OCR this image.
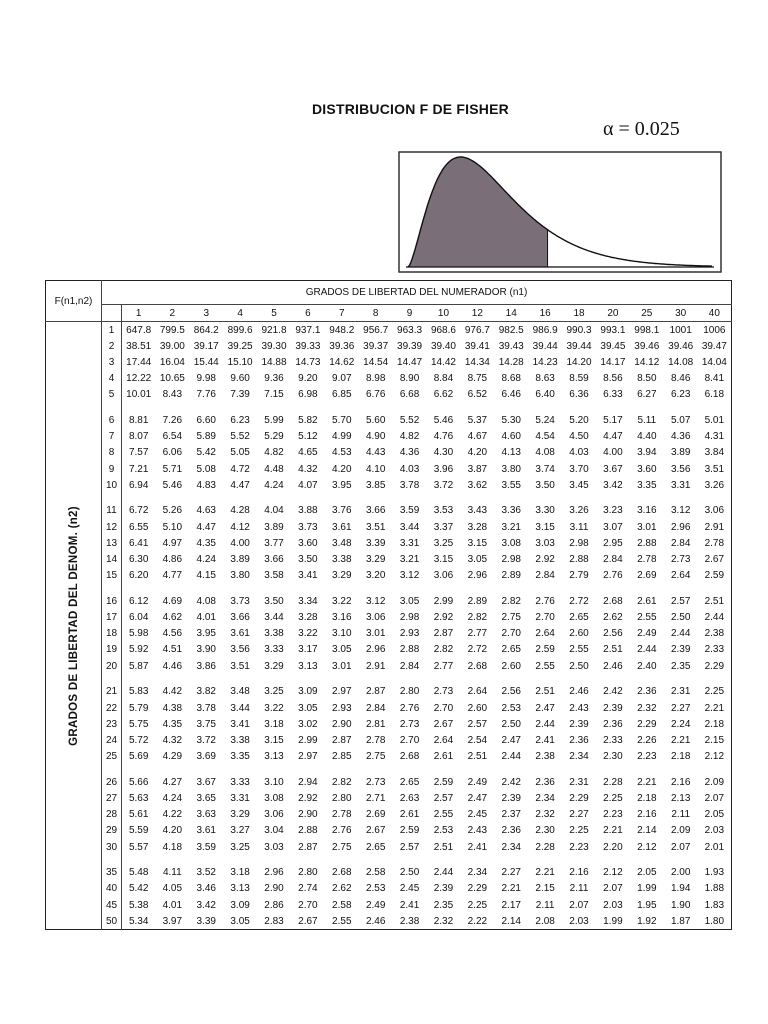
DISTRIBUCION F DE FISHER
α = 0.025
F(n1,n2)	GRADOS DE LIBERTAD DEL NUMERADOR (n1)																		
		1	2	3	4	5	6	7	8	9	10	12	14	16	18	20	25	30	40

GRADOS DE LIBERTAD DEL DENOM. (n2)	1	647.8	799.5	864.2	899.6	921.8	937.1	948.2	956.7	963.3	968.6	976.7	982.5	986.9	990.3	993.1	998.1	1001	1006
	2	38.51	39.00	39.17	39.25	39.30	39.33	39.36	39.37	39.39	39.40	39.41	39.43	39.44	39.44	39.45	39.46	39.46	39.47
	3	17.44	16.04	15.44	15.10	14.88	14.73	14.62	14.54	14.47	14.42	14.34	14.28	14.23	14.20	14.17	14.12	14.08	14.04
	4	12.22	10.65	9.98	9.60	9.36	9.20	9.07	8.98	8.90	8.84	8.75	8.68	8.63	8.59	8.56	8.50	8.46	8.41
	5	10.01	8.43	7.76	7.39	7.15	6.98	6.85	6.76	6.68	6.62	6.52	6.46	6.40	6.36	6.33	6.27	6.23	6.18

	6	8.81	7.26	6.60	6.23	5.99	5.82	5.70	5.60	5.52	5.46	5.37	5.30	5.24	5.20	5.17	5.11	5.07	5.01
	7	8.07	6.54	5.89	5.52	5.29	5.12	4.99	4.90	4.82	4.76	4.67	4.60	4.54	4.50	4.47	4.40	4.36	4.31
	8	7.57	6.06	5.42	5.05	4.82	4.65	4.53	4.43	4.36	4.30	4.20	4.13	4.08	4.03	4.00	3.94	3.89	3.84
	9	7.21	5.71	5.08	4.72	4.48	4.32	4.20	4.10	4.03	3.96	3.87	3.80	3.74	3.70	3.67	3.60	3.56	3.51
	10	6.94	5.46	4.83	4.47	4.24	4.07	3.95	3.85	3.78	3.72	3.62	3.55	3.50	3.45	3.42	3.35	3.31	3.26

	11	6.72	5.26	4.63	4.28	4.04	3.88	3.76	3.66	3.59	3.53	3.43	3.36	3.30	3.26	3.23	3.16	3.12	3.06
	12	6.55	5.10	4.47	4.12	3.89	3.73	3.61	3.51	3.44	3.37	3.28	3.21	3.15	3.11	3.07	3.01	2.96	2.91
	13	6.41	4.97	4.35	4.00	3.77	3.60	3.48	3.39	3.31	3.25	3.15	3.08	3.03	2.98	2.95	2.88	2.84	2.78
	14	6.30	4.86	4.24	3.89	3.66	3.50	3.38	3.29	3.21	3.15	3.05	2.98	2.92	2.88	2.84	2.78	2.73	2.67
	15	6.20	4.77	4.15	3.80	3.58	3.41	3.29	3.20	3.12	3.06	2.96	2.89	2.84	2.79	2.76	2.69	2.64	2.59

	16	6.12	4.69	4.08	3.73	3.50	3.34	3.22	3.12	3.05	2.99	2.89	2.82	2.76	2.72	2.68	2.61	2.57	2.51
	17	6.04	4.62	4.01	3.66	3.44	3.28	3.16	3.06	2.98	2.92	2.82	2.75	2.70	2.65	2.62	2.55	2.50	2.44
	18	5.98	4.56	3.95	3.61	3.38	3.22	3.10	3.01	2.93	2.87	2.77	2.70	2.64	2.60	2.56	2.49	2.44	2.38
	19	5.92	4.51	3.90	3.56	3.33	3.17	3.05	2.96	2.88	2.82	2.72	2.65	2.59	2.55	2.51	2.44	2.39	2.33
	20	5.87	4.46	3.86	3.51	3.29	3.13	3.01	2.91	2.84	2.77	2.68	2.60	2.55	2.50	2.46	2.40	2.35	2.29

	21	5.83	4.42	3.82	3.48	3.25	3.09	2.97	2.87	2.80	2.73	2.64	2.56	2.51	2.46	2.42	2.36	2.31	2.25
	22	5.79	4.38	3.78	3.44	3.22	3.05	2.93	2.84	2.76	2.70	2.60	2.53	2.47	2.43	2.39	2.32	2.27	2.21
	23	5.75	4.35	3.75	3.41	3.18	3.02	2.90	2.81	2.73	2.67	2.57	2.50	2.44	2.39	2.36	2.29	2.24	2.18
	24	5.72	4.32	3.72	3.38	3.15	2.99	2.87	2.78	2.70	2.64	2.54	2.47	2.41	2.36	2.33	2.26	2.21	2.15
	25	5.69	4.29	3.69	3.35	3.13	2.97	2.85	2.75	2.68	2.61	2.51	2.44	2.38	2.34	2.30	2.23	2.18	2.12

	26	5.66	4.27	3.67	3.33	3.10	2.94	2.82	2.73	2.65	2.59	2.49	2.42	2.36	2.31	2.28	2.21	2.16	2.09
	27	5.63	4.24	3.65	3.31	3.08	2.92	2.80	2.71	2.63	2.57	2.47	2.39	2.34	2.29	2.25	2.18	2.13	2.07
	28	5.61	4.22	3.63	3.29	3.06	2.90	2.78	2.69	2.61	2.55	2.45	2.37	2.32	2.27	2.23	2.16	2.11	2.05
	29	5.59	4.20	3.61	3.27	3.04	2.88	2.76	2.67	2.59	2.53	2.43	2.36	2.30	2.25	2.21	2.14	2.09	2.03
	30	5.57	4.18	3.59	3.25	3.03	2.87	2.75	2.65	2.57	2.51	2.41	2.34	2.28	2.23	2.20	2.12	2.07	2.01

	35	5.48	4.11	3.52	3.18	2.96	2.80	2.68	2.58	2.50	2.44	2.34	2.27	2.21	2.16	2.12	2.05	2.00	1.93
	40	5.42	4.05	3.46	3.13	2.90	2.74	2.62	2.53	2.45	2.39	2.29	2.21	2.15	2.11	2.07	1.99	1.94	1.88
	45	5.38	4.01	3.42	3.09	2.86	2.70	2.58	2.49	2.41	2.35	2.25	2.17	2.11	2.07	2.03	1.95	1.90	1.83
	50	5.34	3.97	3.39	3.05	2.83	2.67	2.55	2.46	2.38	2.32	2.22	2.14	2.08	2.03	1.99	1.92	1.87	1.80
